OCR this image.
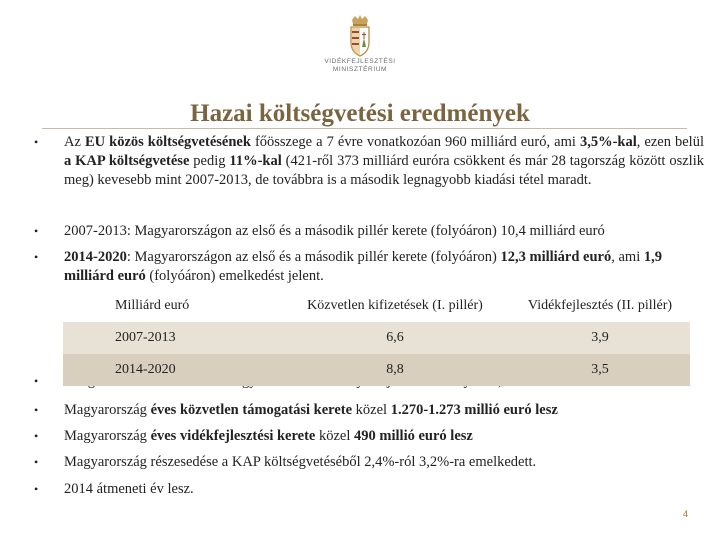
VIDÉKFEJLESZTÉSI
MINISZTÉRIUM
Hazai költségvetési eredmények
• Az EU közös költségvetésének főösszege a 7 évre vonatkozóan 960 milliárd euró, ami 3,5%-kal, ezen belül a KAP költségvetése pedig 11%-kal (421-ről 373 milliárd euróra csökkent és már 28 tagország között oszlik meg) kevesebb mint 2007-2013, de továbbra is a második legnagyobb kiadási tétel maradt.
• 2007-2013: Magyarországon az első és a második pillér kerete (folyóáron) 10,4 milliárd euró
• 2014-2020: Magyarországon az első és a második pillér kerete (folyóáron) 12,3 milliárd euró, ami 1,9 milliárd euró (folyóáron) emelkedést jelent.
•
Milliárd euró	Közvetlen kifizetések (I. pillér)	Vidékfejlesztés (II. pillér)
2007-2013	6,6	3,9
2014-2020	8,8	3,5
• Magyarország éves közvetlen támogatási kerete közel 1.270-1.273 millió euró lesz
• Magyarország éves vidékfejlesztési kerete közel 490 millió euró lesz
• Magyarország részesedése a KAP költségvetéséből 2,4%-ról 3,2%-ra emelkedett.
• 2014 átmeneti év lesz.
4
